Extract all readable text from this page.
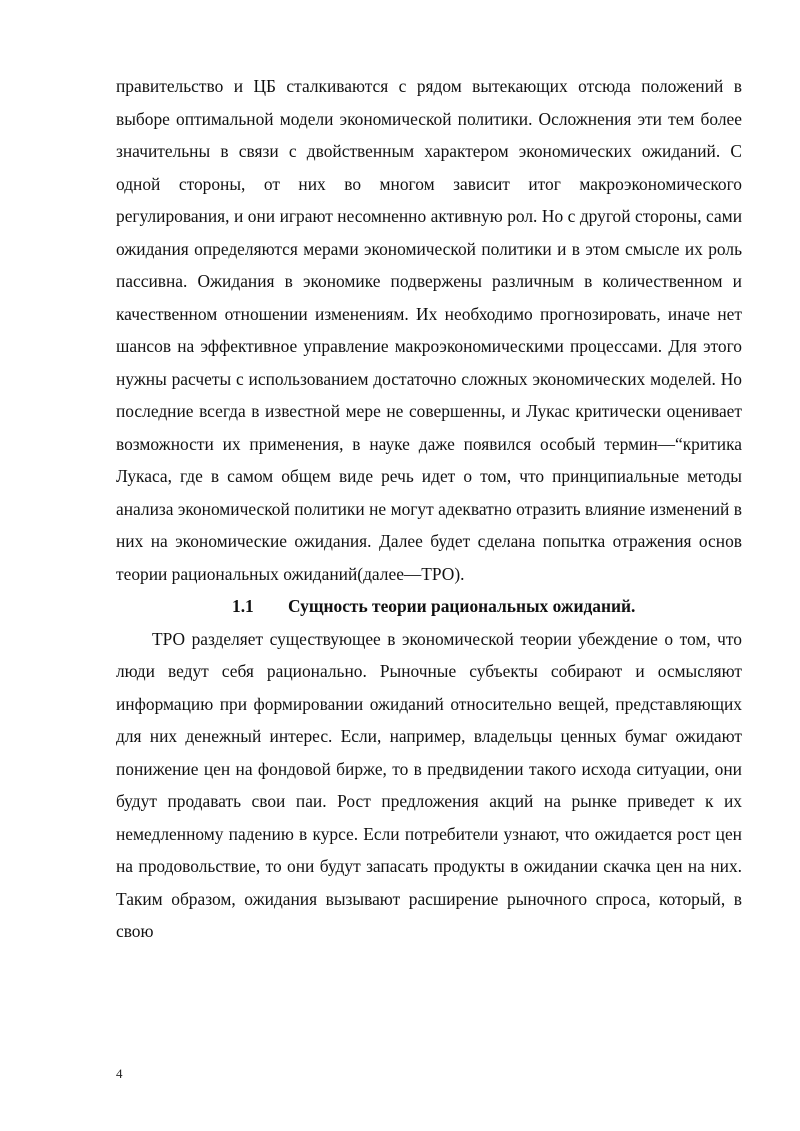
правительство и ЦБ сталкиваются с рядом вытекающих отсюда положений в выборе оптимальной модели экономической политики. Осложнения эти тем более значительны в связи с двойственным характером экономических ожиданий. С одной стороны, от них во многом зависит итог макроэкономического регулирования, и они играют несомненно активную рол. Но с другой стороны, сами ожидания определяются мерами экономической политики и в этом смысле их роль пассивна. Ожидания в экономике подвержены различным в количественном и качественном отношении изменениям. Их необходимо прогнозировать, иначе нет шансов на эффективное управление макроэкономическими процессами. Для этого нужны расчеты с использованием достаточно сложных экономических моделей. Но последние всегда в известной мере не совершенны, и Лукас критически оценивает возможности их применения, в науке даже появился особый термин—“критика Лукаса, где в самом общем виде речь идет о том, что принципиальные методы анализа экономической политики не могут адекватно отразить влияние изменений в них на экономические ожидания. Далее будет сделана попытка отражения основ теории рациональных ожиданий(далее—ТРО).

1.1 Сущность теории рациональных ожиданий.

ТРО разделяет существующее в экономической теории убеждение о том, что люди ведут себя рационально. Рыночные субъекты собирают и осмысляют информацию при формировании ожиданий относительно вещей, представляющих для них денежный интерес. Если, например, владельцы ценных бумаг ожидают понижение цен на фондовой бирже, то в предвидении такого исхода ситуации, они будут продавать свои паи. Рост предложения акций на рынке приведет к их немедленному падению в курсе. Если потребители узнают, что ожидается рост цен на продовольствие, то они будут запасать продукты в ожидании скачка цен на них. Таким образом, ожидания вызывают расширение рыночного спроса, который, в свою

4
